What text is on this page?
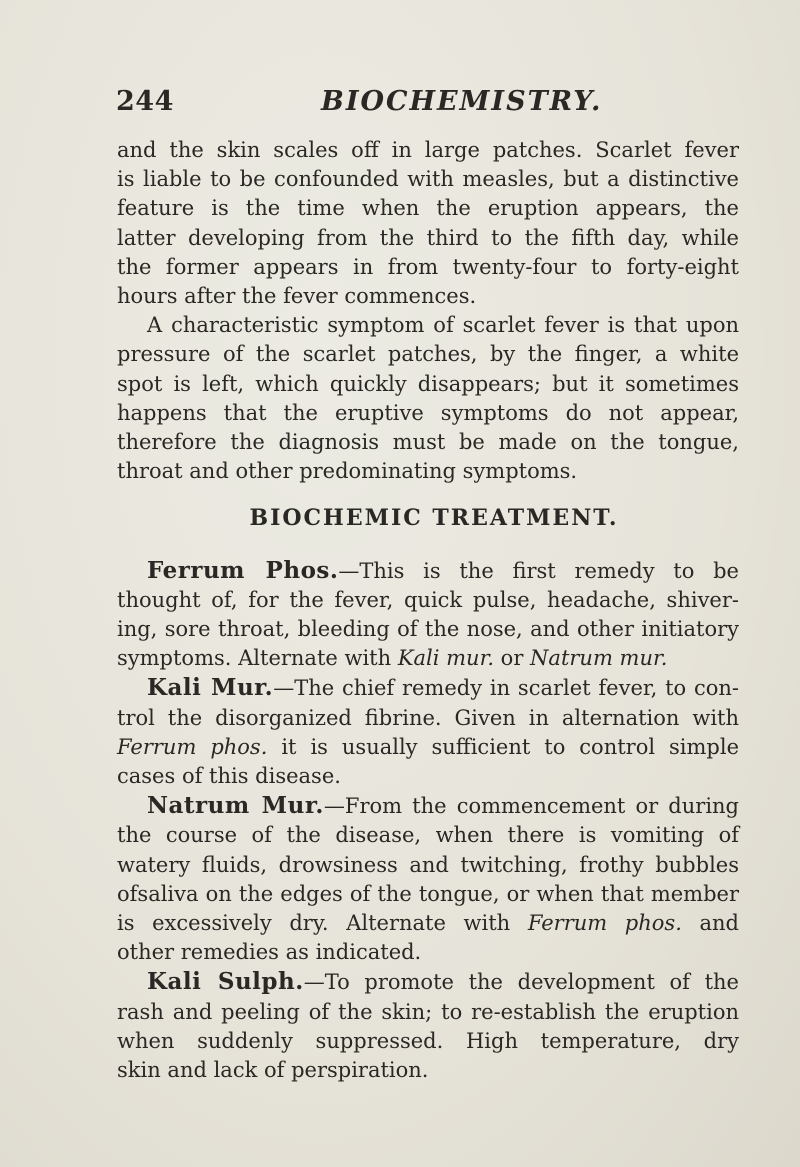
244	BIOCHEMISTRY.
and the skin scales off in large patches. Scarlet fever
is liable to be confounded with measles, but a distinctive
feature is the time when the eruption appears, the
latter developing from the third to the fifth day, while
the former appears in from twenty-four to forty-eight
hours after the fever commences.
A characteristic symptom of scarlet fever is that upon
pressure of the scarlet patches, by the finger, a white
spot is left, which quickly disappears; but it sometimes
happens that the eruptive symptoms do not appear,
therefore the diagnosis must be made on the tongue,
throat and other predominating symptoms.
BIOCHEMIC TREATMENT.
Ferrum Phos.—This is the first remedy to be
thought of, for the fever, quick pulse, headache, shiver-
ing, sore throat, bleeding of the nose, and other initiatory
symptoms. Alternate with Kali mur. or Natrum mur.
Kali Mur.—The chief remedy in scarlet fever, to con-
trol the disorganized fibrine. Given in alternation with
Ferrum phos. it is usually sufficient to control simple
cases of this disease.
Natrum Mur.—From the commencement or during
the course of the disease, when there is vomiting of
watery fluids, drowsiness and twitching, frothy bubbles
ofsaliva on the edges of the tongue, or when that member
is excessively dry. Alternate with Ferrum phos. and
other remedies as indicated.
Kali Sulph.—To promote the development of the
rash and peeling of the skin; to re-establish the eruption
when suddenly suppressed. High temperature, dry
skin and lack of perspiration.
